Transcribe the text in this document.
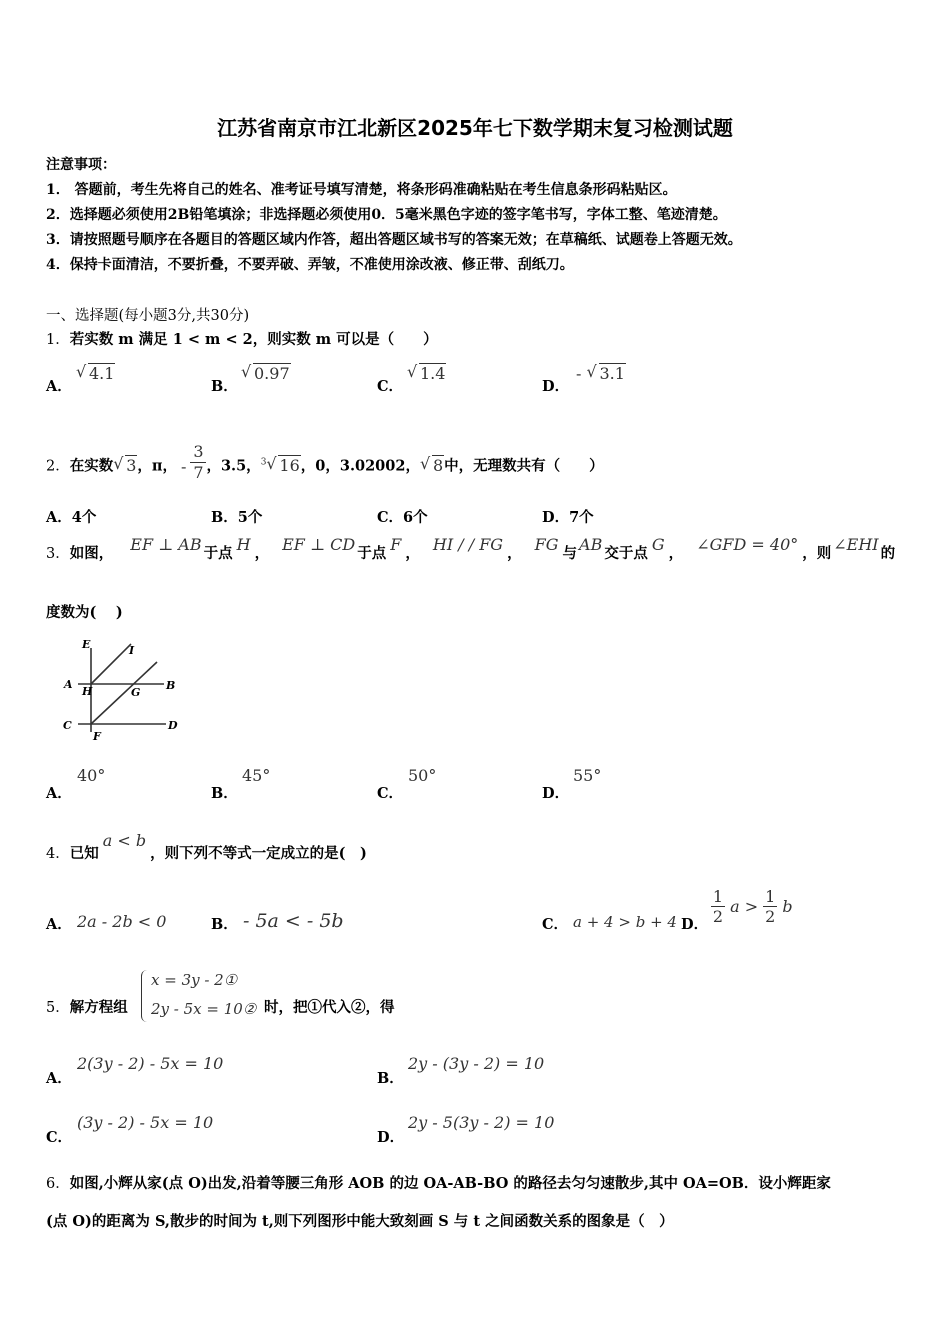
江苏省南京市江北新区2025年七下数学期末复习检测试题
注意事项：
1． 答题前，考生先将自己的姓名、准考证号填写清楚，将条形码准确粘贴在考生信息条形码粘贴区。
2．选择题必须使用2B铅笔填涂；非选择题必须使用0．5毫米黑色字迹的签字笔书写，字体工整、笔迹清楚。
3．请按照题号顺序在各题目的答题区域内作答，超出答题区域书写的答案无效；在草稿纸、试题卷上答题无效。
4．保持卡面清洁，不要折叠，不要弄破、弄皱，不准使用涂改液、修正带、刮纸刀。
一、选择题(每小题3分,共30分)
1．若实数 m 满足 1 < m < 2，则实数 m 可以是（　　）
A．
√ 4.1
B．
√ 0.97
C．
√ 1.4
D．
- √ 3.1
2．在实数 √ 3，π， - $\frac{3}{7}$ ，3.5，$^3$ √ 16，0，3.02002， √ 8中，无理数共有（　　）
A．4个	B．5个	C．6个	D．7个
3．如图， EF ⊥ AB 于点 H ， EF ⊥ CD 于点 F ， HI / / FG ， FG 与 AB 交于点 G ， ∠GFD = 40° ，则 ∠EHI 的
度数为(　 )
E	I
A
H	G
B
C	D
F
A．
40°
B．
45°
C．
50°
D．
55°
4．已知a < b，则下列不等式一定成立的是(　)
A． 2a - 2b < 0	B． - 5a < - 5b	C． a + 4 > b + 4 D． $\frac{1}{2}$ $a > \frac{1}{2}$ b
5．解方程组
x = 3y - 2①
2y - 5x = 10② 时，把①代入②，得
A．
2(3y - 2) - 5x = 10
B．
2y - (3y - 2) = 10
C．
(3y - 2) - 5x = 10
D．
2y - 5(3y - 2) = 10
6．如图,小辉从家(点 O)出发,沿着等腰三角形 AOB 的边 OA-AB-BO 的路径去匀匀速散步,其中 OA=OB．设小辉距家
(点 O)的距离为 S,散步的时间为 t,则下列图形中能大致刻画 S 与 t 之间函数关系的图象是（　）
